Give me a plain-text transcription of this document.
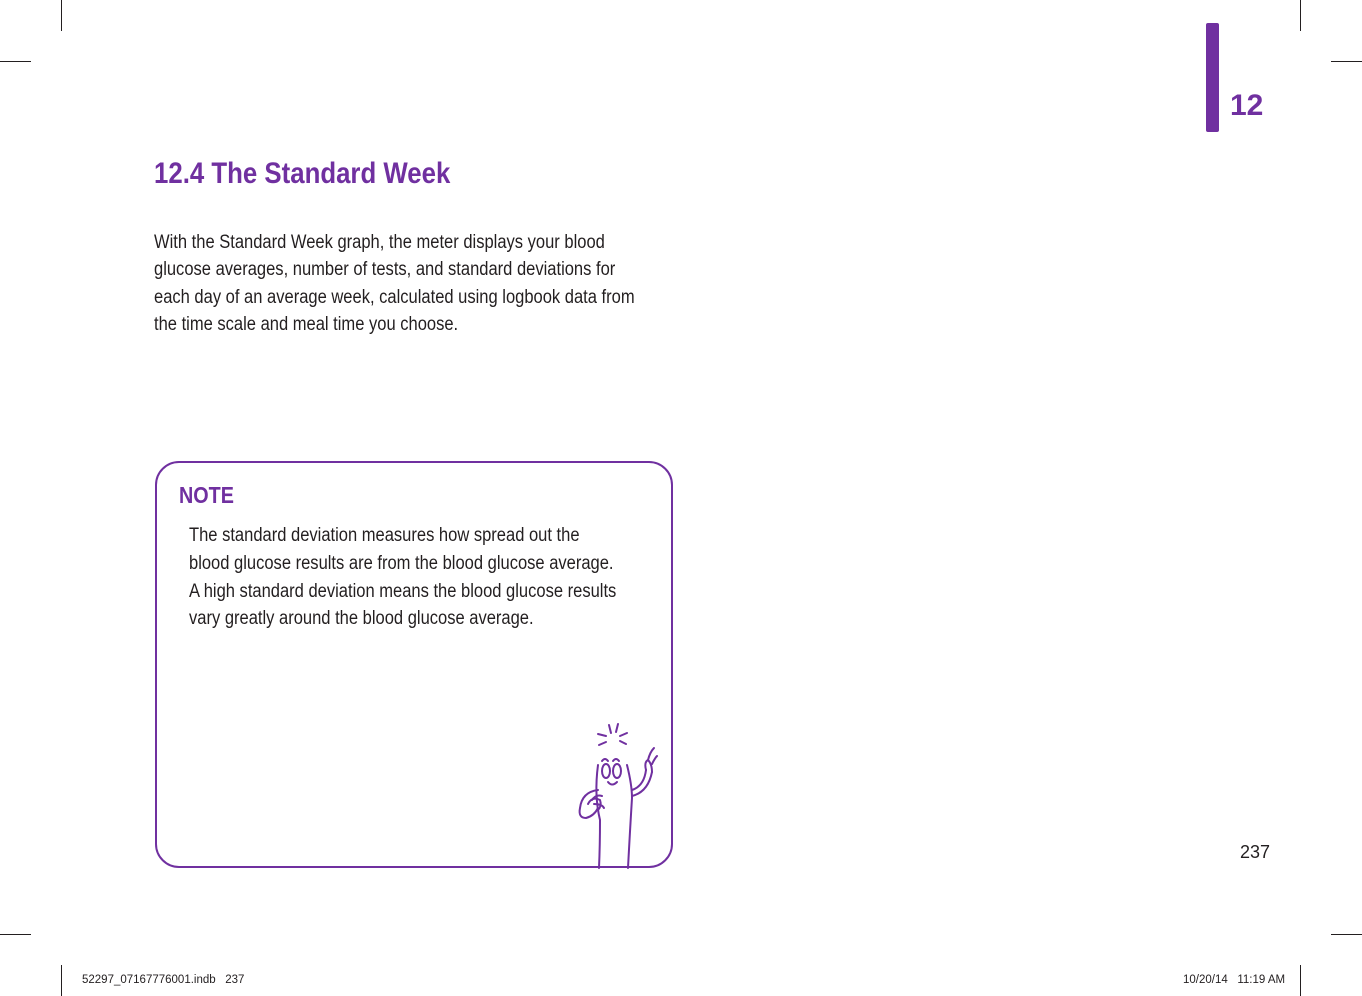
12
12.4 The Standard Week
With the Standard Week graph, the meter displays your blood
glucose averages, number of tests, and standard deviations for
each day of an average week, calculated using logbook data from
the time scale and meal time you choose.
NOTE
The standard deviation measures how spread out the
blood glucose results are from the blood glucose average.
A high standard deviation means the blood glucose results
vary greatly around the blood glucose average.
237
52297_07167776001.indb   237	10/20/14   11:19 AM
